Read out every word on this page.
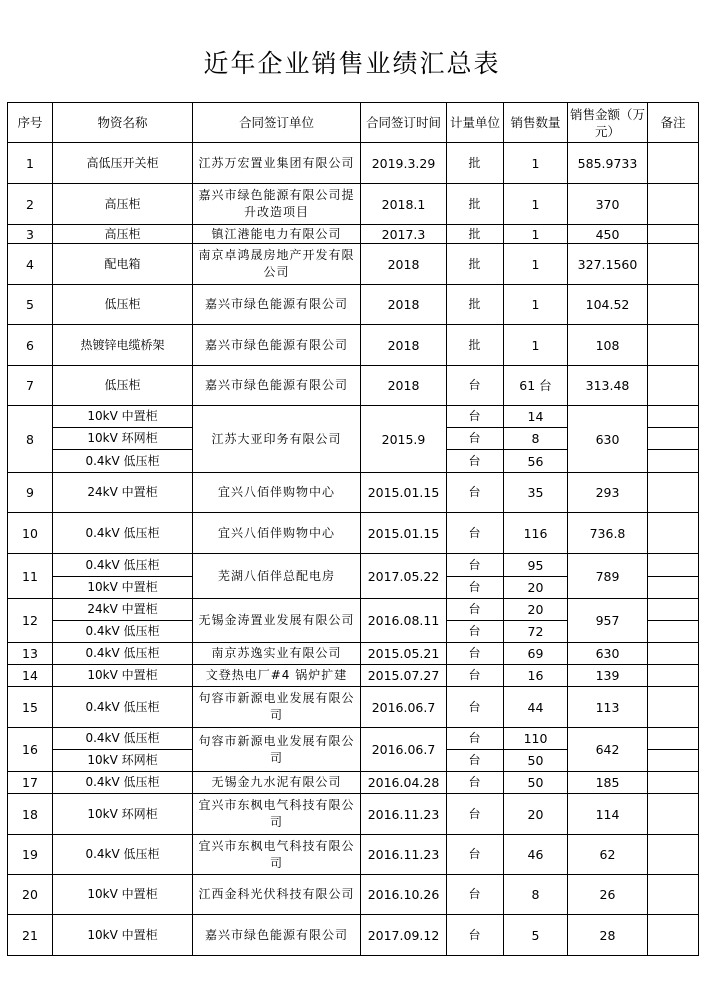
近年企业销售业绩汇总表
序号	物资名称	合同签订单位	合同签订时间	计量单位	销售数量	销售金额（万元）	备注
1	高低压开关柜	江苏万宏置业集团有限公司	2019.3.29	批	1	585.9733	
2	高压柜	嘉兴市绿色能源有限公司提升改造项目	2018.1	批	1	370	
3	高压柜	镇江港能电力有限公司	2017.3	批	1	450	
4	配电箱	南京卓鸿晟房地产开发有限公司	2018	批	1	327.1560	
5	低压柜	嘉兴市绿色能源有限公司	2018	批	1	104.52	
6	热镀锌电缆桥架	嘉兴市绿色能源有限公司	2018	批	1	108	
7	低压柜	嘉兴市绿色能源有限公司	2018	台	61 台	313.48	
8	10kV 中置柜	江苏大亚印务有限公司	2015.9	台	14	630	
	10kV 环网柜			台	8		
	0.4kV 低压柜			台	56		
9	24kV 中置柜	宜兴八佰伴购物中心	2015.01.15	台	35	293	
10	0.4kV 低压柜	宜兴八佰伴购物中心	2015.01.15	台	116	736.8	
11	0.4kV 低压柜	芜湖八佰伴总配电房	2017.05.22	台	95	789	
	10kV 中置柜			台	20		
12	24kV 中置柜	无锡金涛置业发展有限公司	2016.08.11	台	20	957	
	0.4kV 低压柜			台	72		
13	0.4kV 低压柜	南京苏逸实业有限公司	2015.05.21	台	69	630	
14	10kV 中置柜	文登热电厂#4 锅炉扩建	2015.07.27	台	16	139	
15	0.4kV 低压柜	句容市新源电业发展有限公司	2016.06.7	台	44	113	
16	0.4kV 低压柜	句容市新源电业发展有限公司	2016.06.7	台	110	642	
	10kV 环网柜			台	50		
17	0.4kV 低压柜	无锡金九水泥有限公司	2016.04.28	台	50	185	
18	10kV 环网柜	宜兴市东枫电气科技有限公司	2016.11.23	台	20	114	
19	0.4kV 低压柜	宜兴市东枫电气科技有限公司	2016.11.23	台	46	62	
20	10kV 中置柜	江西金科光伏科技有限公司	2016.10.26	台	8	26	
21	10kV 中置柜	嘉兴市绿色能源有限公司	2017.09.12	台	5	28	
